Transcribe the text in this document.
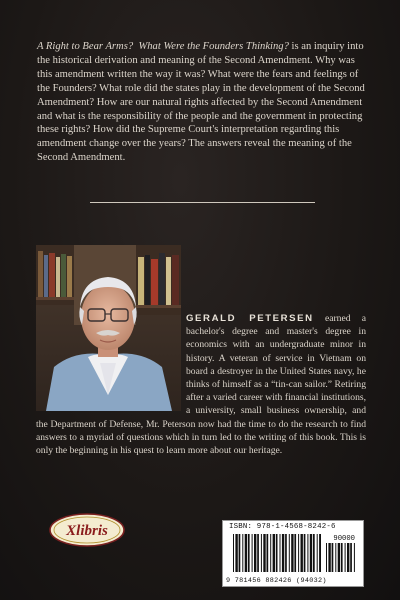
A Right to Bear Arms? What Were the Founders Thinking? is an inquiry into the historical derivation and meaning of the Second Amendment. Why was this amendment written the way it was? What were the fears and feelings of the Founders? What role did the states play in the development of the Second Amendment? How are our natural rights affected by the Second Amendment and what is the responsibility of the people and the government in protecting these rights? How did the Supreme Court's interpretation regarding this amendment change over the years? The answers reveal the meaning of the Second Amendment.
GERALD PETERSEN earned a bachelor's degree and master's degree in economics with an undergraduate minor in history. A veteran of service in Vietnam on board a destroyer in the United States navy, he thinks of himself as a “tin-can sailor.” Retiring after a varied career with financial institutions, a university, small business ownership, and the Department of Defense, Mr. Peterson now had the time to do the research to find answers to a myriad of questions which in turn led to the writing of this book. This is only the beginning in his quest to learn more about our heritage.
Xlibris	ISBN: 978-1-4568-8242-6
90000
9 781456 882426 (94032)
